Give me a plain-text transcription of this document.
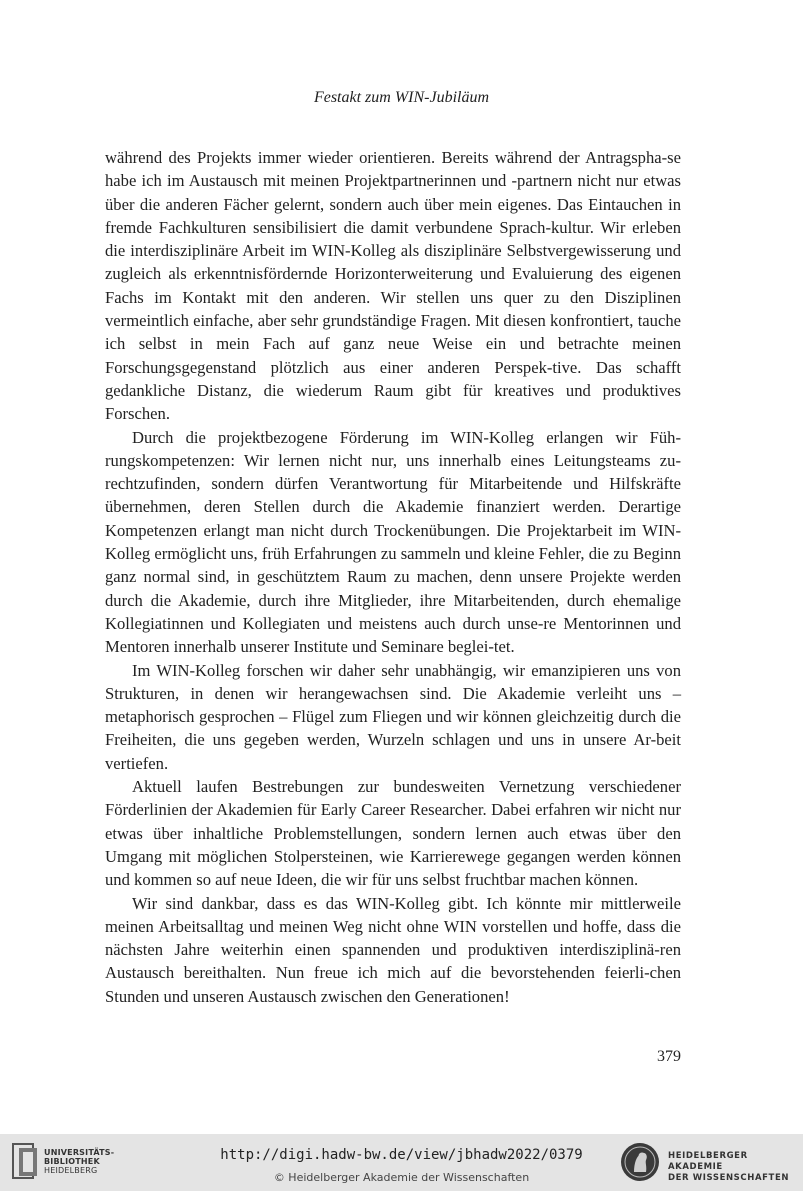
Festakt zum WIN-Jubiläum

während des Projekts immer wieder orientieren. Bereits während der Antragspha-se habe ich im Austausch mit meinen Projektpartnerinnen und -partnern nicht nur etwas über die anderen Fächer gelernt, sondern auch über mein eigenes. Das Eintauchen in fremde Fachkulturen sensibilisiert die damit verbundene Sprach-kultur. Wir erleben die interdisziplinäre Arbeit im WIN-Kolleg als disziplinäre Selbstvergewisserung und zugleich als erkenntnisfördernde Horizonterweiterung und Evaluierung des eigenen Fachs im Kontakt mit den anderen. Wir stellen uns quer zu den Disziplinen vermeintlich einfache, aber sehr grundständige Fragen. Mit diesen konfrontiert, tauche ich selbst in mein Fach auf ganz neue Weise ein und betrachte meinen Forschungsgegenstand plötzlich aus einer anderen Perspek-tive. Das schafft gedankliche Distanz, die wiederum Raum gibt für kreatives und produktives Forschen.

Durch die projektbezogene Förderung im WIN-Kolleg erlangen wir Füh-rungskompetenzen: Wir lernen nicht nur, uns innerhalb eines Leitungsteams zu-rechtzufinden, sondern dürfen Verantwortung für Mitarbeitende und Hilfskräfte übernehmen, deren Stellen durch die Akademie finanziert werden. Derartige Kompetenzen erlangt man nicht durch Trockenübungen. Die Projektarbeit im WIN-Kolleg ermöglicht uns, früh Erfahrungen zu sammeln und kleine Fehler, die zu Beginn ganz normal sind, in geschütztem Raum zu machen, denn unsere Projekte werden durch die Akademie, durch ihre Mitglieder, ihre Mitarbeitenden, durch ehemalige Kollegiatinnen und Kollegiaten und meistens auch durch unse-re Mentorinnen und Mentoren innerhalb unserer Institute und Seminare beglei-tet.

Im WIN-Kolleg forschen wir daher sehr unabhängig, wir emanzipieren uns von Strukturen, in denen wir herangewachsen sind. Die Akademie verleiht uns – metaphorisch gesprochen – Flügel zum Fliegen und wir können gleichzeitig durch die Freiheiten, die uns gegeben werden, Wurzeln schlagen und uns in unsere Ar-beit vertiefen.

Aktuell laufen Bestrebungen zur bundesweiten Vernetzung verschiedener Förderlinien der Akademien für Early Career Researcher. Dabei erfahren wir nicht nur etwas über inhaltliche Problemstellungen, sondern lernen auch etwas über den Umgang mit möglichen Stolpersteinen, wie Karrierewege gegangen werden können und kommen so auf neue Ideen, die wir für uns selbst fruchtbar machen können.

Wir sind dankbar, dass es das WIN-Kolleg gibt. Ich könnte mir mittlerweile meinen Arbeitsalltag und meinen Weg nicht ohne WIN vorstellen und hoffe, dass die nächsten Jahre weiterhin einen spannenden und produktiven interdisziplinä-ren Austausch bereithalten. Nun freue ich mich auf die bevorstehenden feierli-chen Stunden und unseren Austausch zwischen den Generationen!

379
UNIVERSITÄTS-
BIBLIOTHEK
HEIDELBERG
http://digi.hadw-bw.de/view/jbhadw2022/0379
© Heidelberger Akademie der Wissenschaften
HEIDELBERGER AKADEMIE
DER WISSENSCHAFTEN
